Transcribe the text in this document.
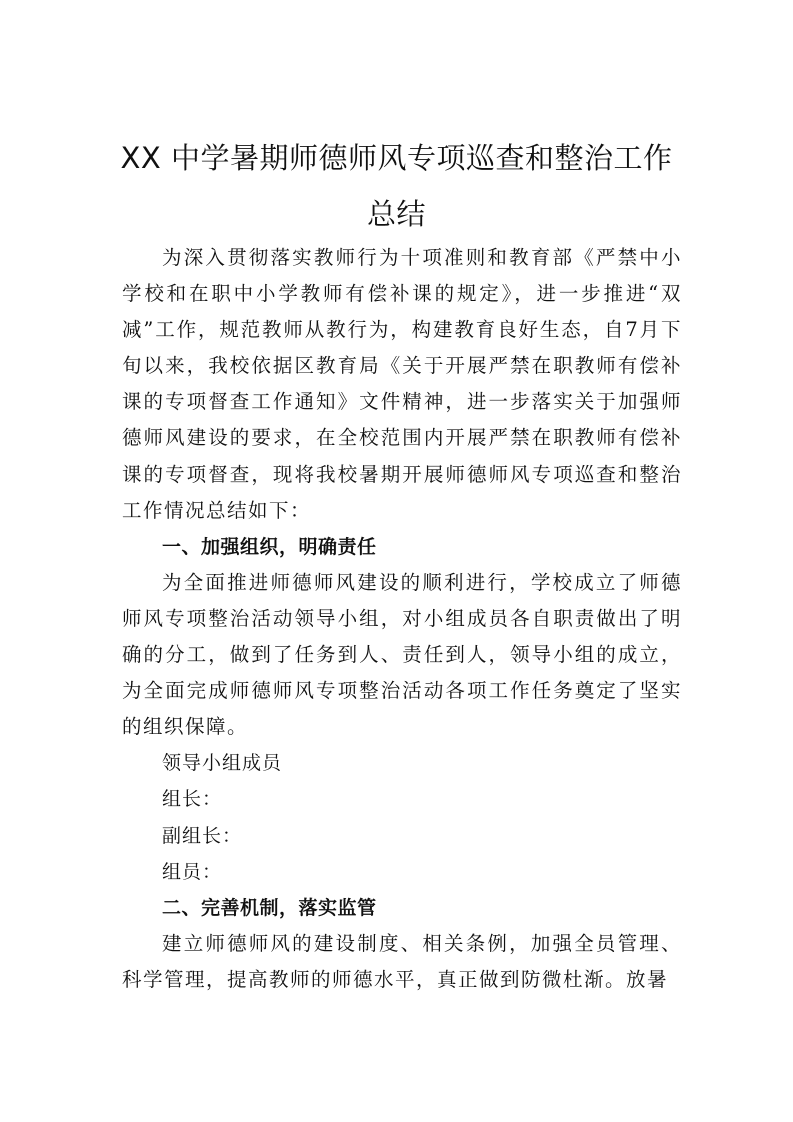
XX 中学暑期师德师风专项巡查和整治工作
总结

为深入贯彻落实教师行为十项准则和教育部《严禁中小学校和在职中小学教师有偿补课的规定》，进一步推进“双减”工作，规范教师从教行为，构建教育良好生态，自7月下旬以来，我校依据区教育局《关于开展严禁在职教师有偿补课的专项督查工作通知》文件精神，进一步落实关于加强师德师风建设的要求，在全校范围内开展严禁在职教师有偿补课的专项督查，现将我校暑期开展师德师风专项巡查和整治工作情况总结如下：

一、加强组织，明确责任

为全面推进师德师风建设的顺利进行，学校成立了师德师风专项整治活动领导小组，对小组成员各自职责做出了明确的分工，做到了任务到人、责任到人，领导小组的成立，为全面完成师德师风专项整治活动各项工作任务奠定了坚实的组织保障。

领导小组成员

组长：

副组长：

组员：

二、完善机制，落实监管

建立师德师风的建设制度、相关条例，加强全员管理、科学管理，提高教师的师德水平，真正做到防微杜渐。放暑
